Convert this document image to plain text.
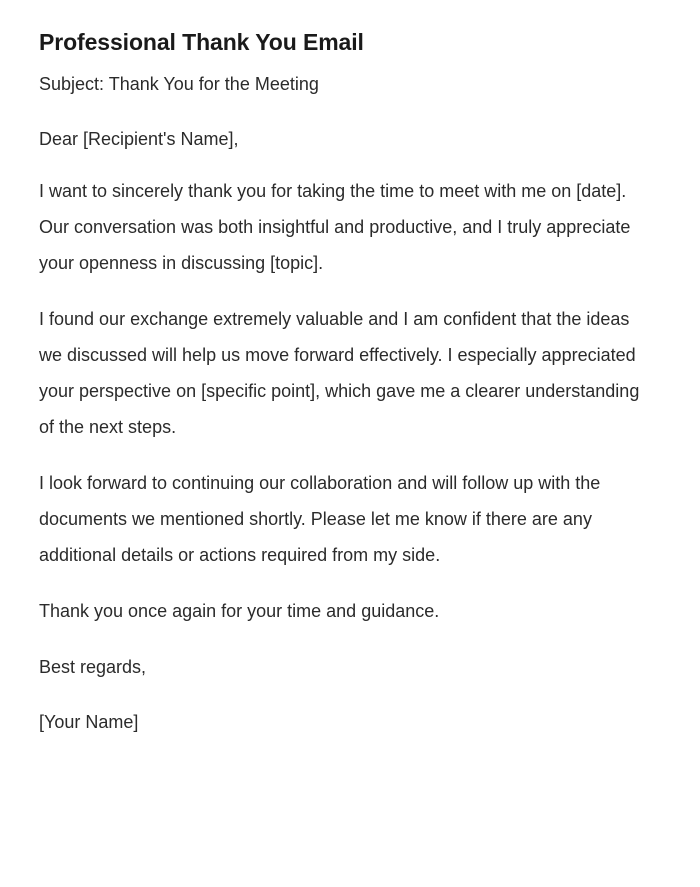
Professional Thank You Email

Subject: Thank You for the Meeting

Dear [Recipient's Name],

I want to sincerely thank you for taking the time to meet with me on [date]. Our conversation was both insightful and productive, and I truly appreciate your openness in discussing [topic].

I found our exchange extremely valuable and I am confident that the ideas we discussed will help us move forward effectively. I especially appreciated your perspective on [specific point], which gave me a clearer understanding of the next steps.

I look forward to continuing our collaboration and will follow up with the documents we mentioned shortly. Please let me know if there are any additional details or actions required from my side.

Thank you once again for your time and guidance.

Best regards,

[Your Name]
